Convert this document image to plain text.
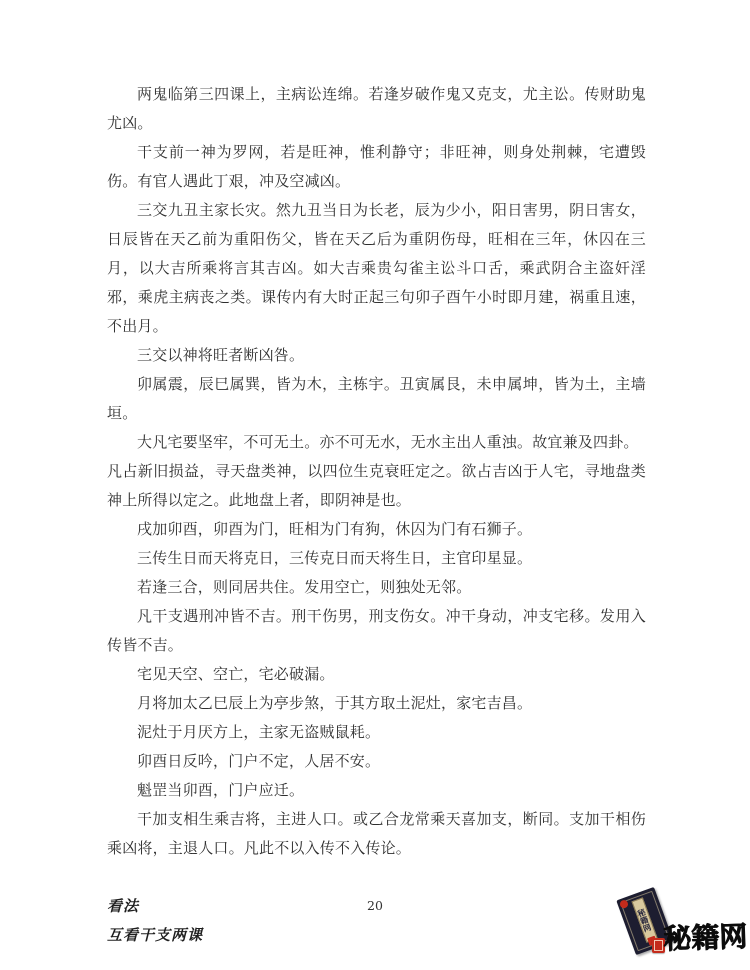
两鬼临第三四课上，主病讼连绵。若逢岁破作鬼又克支，尤主讼。传财助鬼尤凶。

干支前一神为罗网，若是旺神，惟利静守；非旺神，则身处荆棘，宅遭毁伤。有官人遇此丁艰，冲及空减凶。

三交九丑主家长灾。然九丑当日为长老，辰为少小，阳日害男，阴日害女，日辰皆在天乙前为重阳伤父，皆在天乙后为重阴伤母，旺相在三年，休囚在三月，以大吉所乘将言其吉凶。如大吉乘贵勾雀主讼斗口舌，乘武阴合主盗奸淫邪，乘虎主病丧之类。课传内有大时正起三句卯子酉午小时即月建，祸重且速，不出月。

三交以神将旺者断凶咎。

卯属震，辰巳属巽，皆为木，主栋宇。丑寅属艮，未申属坤，皆为土，主墙垣。

大凡宅要坚牢，不可无土。亦不可无水，无水主出人重浊。故宜兼及四卦。

凡占新旧损益，寻天盘类神，以四位生克衰旺定之。欲占吉凶于人宅，寻地盘类神上所得以定之。此地盘上者，即阴神是也。

戌加卯酉，卯酉为门，旺相为门有狗，休囚为门有石狮子。

三传生日而天将克日，三传克日而天将生日，主官印星显。

若逢三合，则同居共住。发用空亡，则独处无邻。

凡干支遇刑冲皆不吉。刑干伤男，刑支伤女。冲干身动，冲支宅移。发用入传皆不吉。

宅见天空、空亡，宅必破漏。

月将加太乙巳辰上为亭步煞，于其方取土泥灶，家宅吉昌。

泥灶于月厌方上，主家无盗贼鼠耗。

卯酉日反吟，门户不定，人居不安。

魁罡当卯酉，门户应迁。

干加支相生乘吉将，主进人口。或乙合龙常乘天喜加支，断同。支加干相伤乘凶将，主退人口。凡此不以入传不入传论。

看法
互看干支两课
20
秘籍网 秘籍网
